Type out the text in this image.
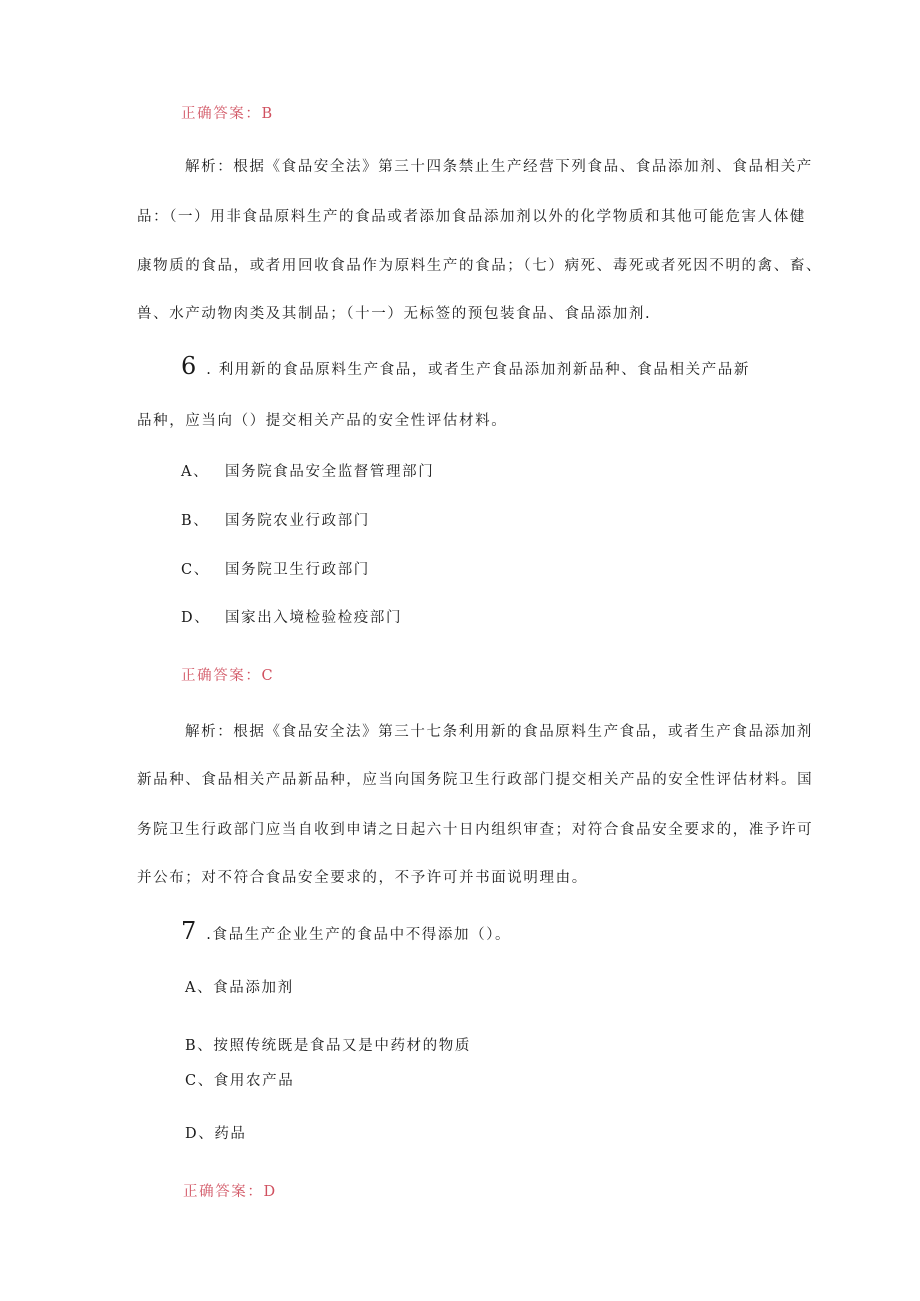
正确答案：B
解析：根据《食品安全法》第三十四条禁止生产经营下列食品、食品添加剂、食品相关产
品：（一）用非食品原料生产的食品或者添加食品添加剂以外的化学物质和其他可能危害人体健
康物质的食品，或者用回收食品作为原料生产的食品；（七）病死、毒死或者死因不明的禽、畜、
兽、水产动物肉类及其制品；（十一）无标签的预包装食品、食品添加剂.
6 . 利用新的食品原料生产食品，或者生产食品添加剂新品种、食品相关产品新
品种，应当向（）提交相关产品的安全性评估材料。
A、 国务院食品安全监督管理部门
B、 国务院农业行政部门
C、 国务院卫生行政部门
D、 国家出入境检验检疫部门
正确答案：C
解析：根据《食品安全法》第三十七条利用新的食品原料生产食品，或者生产食品添加剂
新品种、食品相关产品新品种，应当向国务院卫生行政部门提交相关产品的安全性评估材料。国
务院卫生行政部门应当自收到申请之日起六十日内组织审查；对符合食品安全要求的，准予许可
并公布；对不符合食品安全要求的，不予许可并书面说明理由。
7 .食品生产企业生产的食品中不得添加（）。
A、食品添加剂
B、按照传统既是食品又是中药材的物质
C、食用农产品
D、药品
正确答案：D
